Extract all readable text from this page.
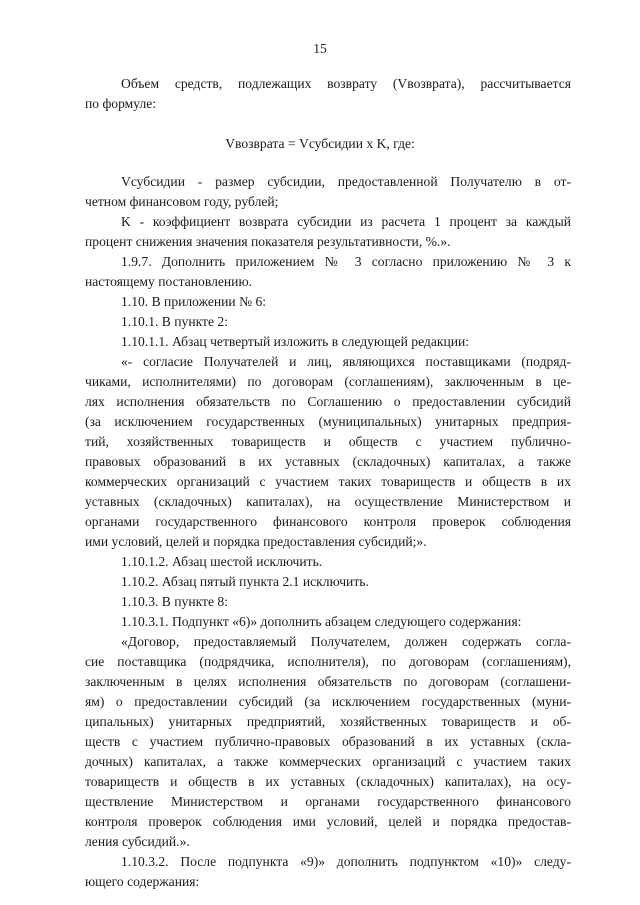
15
Объем средств, подлежащих возврату (Vвозврата), рассчитывается
по формуле:
Vвозврата = Vсубсидии x K, где:
Vсубсидии - размер субсидии, предоставленной Получателю в от-
четном финансовом году, рублей;
K - коэффициент возврата субсидии из расчета 1 процент за каждый
процент снижения значения показателя результативности, %.».
1.9.7. Дополнить приложением № 3 согласно приложению № 3 к
настоящему постановлению.
1.10. В приложении № 6:
1.10.1. В пункте 2:
1.10.1.1. Абзац четвертый изложить в следующей редакции:
«- согласие Получателей и лиц, являющихся поставщиками (подряд-
чиками, исполнителями) по договорам (соглашениям), заключенным в це-
лях исполнения обязательств по Соглашению о предоставлении субсидий
(за исключением государственных (муниципальных) унитарных предприя-
тий, хозяйственных товариществ и обществ с участием публично-
правовых образований в их уставных (складочных) капиталах, а также
коммерческих организаций с участием таких товариществ и обществ в их
уставных (складочных) капиталах), на осуществление Министерством и
органами государственного финансового контроля проверок соблюдения
ими условий, целей и порядка предоставления субсидий;».
1.10.1.2. Абзац шестой исключить.
1.10.2. Абзац пятый пункта 2.1 исключить.
1.10.3. В пункте 8:
1.10.3.1. Подпункт «6)» дополнить абзацем следующего содержания:
«Договор, предоставляемый Получателем, должен содержать согла-
сие поставщика (подрядчика, исполнителя), по договорам (соглашениям),
заключенным в целях исполнения обязательств по договорам (соглашени-
ям) о предоставлении субсидий (за исключением государственных (муни-
ципальных) унитарных предприятий, хозяйственных товариществ и об-
ществ с участием публично-правовых образований в их уставных (скла-
дочных) капиталах, а также коммерческих организаций с участием таких
товариществ и обществ в их уставных (складочных) капиталах), на осу-
ществление Министерством и органами государственного финансового
контроля проверок соблюдения ими условий, целей и порядка предостав-
ления субсидий.».
1.10.3.2. После подпункта «9)» дополнить подпунктом «10)» следу-
ющего содержания:
